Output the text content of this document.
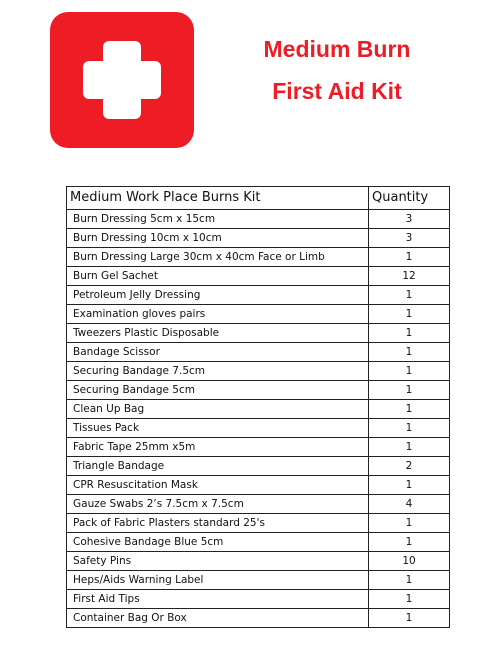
Medium Burn
First Aid Kit
Medium Work Place Burns Kit	Quantity
Burn Dressing 5cm x 15cm	3
Burn Dressing 10cm x 10cm	3
Burn Dressing Large 30cm x 40cm Face or Limb	1
Burn Gel Sachet	12
Petroleum Jelly Dressing	1
Examination gloves pairs	1
Tweezers Plastic Disposable	1
Bandage Scissor	1
Securing Bandage 7.5cm	1
Securing Bandage 5cm	1
Clean Up Bag	1
Tissues Pack	1
Fabric Tape 25mm x5m	1
Triangle Bandage	2
CPR Resuscitation Mask	1
Gauze Swabs 2’s 7.5cm x 7.5cm	4
Pack of Fabric Plasters standard 25's	1
Cohesive Bandage Blue 5cm	1
Safety Pins	10
Heps/Aids Warning Label	1
First Aid Tips	1
Container Bag Or Box	1
